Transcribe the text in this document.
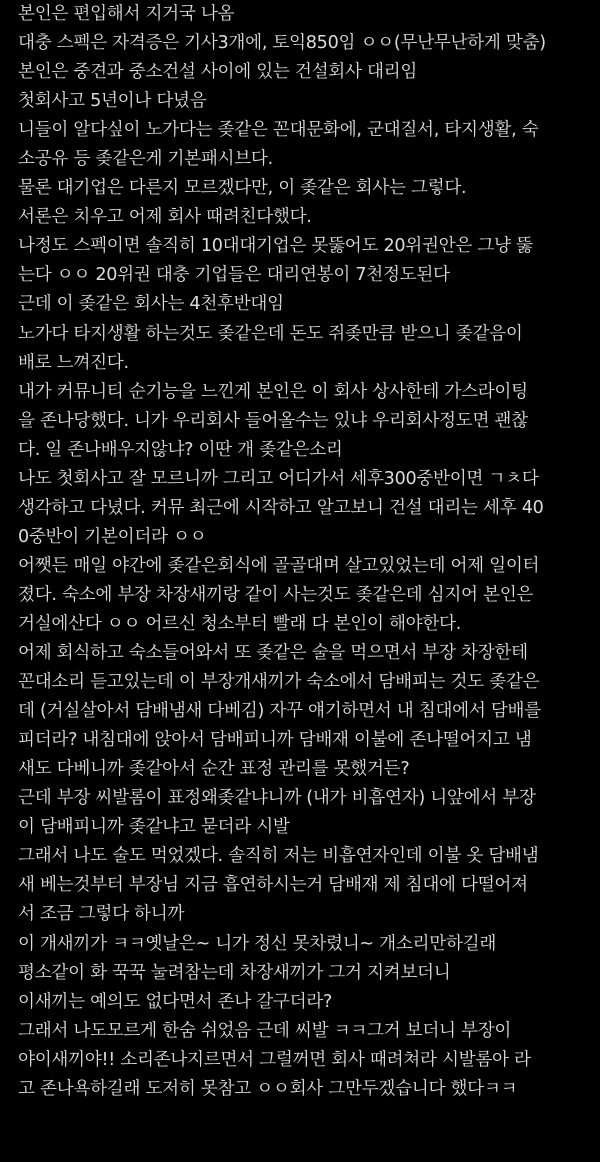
본인은 편입해서 지거국 나옴
대충 스펙은 자격증은 기사3개에, 토익850임 ㅇㅇ(무난무난하게 맞춤)
본인은 중견과 중소건설 사이에 있는 건설회사 대리임
첫회사고 5년이나 다녔음
니들이 알다싶이 노가다는 좆같은 꼰대문화에, 군대질서, 타지생활, 숙
소공유 등 좆같은게 기본패시브다.
물론 대기업은 다른지 모르겠다만, 이 좆같은 회사는 그렇다.
서론은 치우고 어제 회사 때려친다했다.
나정도 스펙이면 솔직히 10대대기업은 못뚫어도 20위권안은 그냥 뚫
는다 ㅇㅇ 20위권 대충 기업들은 대리연봉이 7천정도된다
근데 이 좆같은 회사는 4천후반대임
노가다 타지생활 하는것도 좆같은데 돈도 쥐좆만큼 받으니 좆같음이
배로 느껴진다.
내가 커뮤니티 순기능을 느낀게 본인은 이 회사 상사한테 가스라이팅
을 존나당했다. 니가 우리회사 들어올수는 있냐 우리회사정도면 괜찮
다. 일 존나배우지않냐? 이딴 개 좆같은소리
나도 첫회사고 잘 모르니까 그리고 어디가서 세후300중반이면 ㄱㅊ다
생각하고 다녔다. 커뮤 최근에 시작하고 알고보니 건설 대리는 세후 40
0중반이 기본이더라 ㅇㅇ
어쨋든 매일 야간에 좆같은회식에 골골대며 살고있었는데 어제 일이터
졌다. 숙소에 부장 차장새끼랑 같이 사는것도 좆같은데 심지어 본인은
거실에산다 ㅇㅇ 어르신 청소부터 빨래 다 본인이 해야한다.
어제 회식하고 숙소들어와서 또 좆같은 술을 먹으면서 부장 차장한테
꼰대소리 듣고있는데 이 부장개새끼가 숙소에서 담배피는 것도 좆같은
데 (거실살아서 담배냄새 다베김) 자꾸 얘기하면서 내 침대에서 담배를
피더라? 내침대에 앉아서 담배피니까 담배재 이불에 존나떨어지고 냄
새도 다베니까 좆같아서 순간 표정 관리를 못했거든?
근데 부장 씨발롬이 표정왜좆같냐니까 (내가 비흡연자) 니앞에서 부장
이 담배피니까 좆같냐고 묻더라 시발
그래서 나도 술도 먹었겠다. 솔직히 저는 비흡연자인데 이불 옷 담배냄
새 베는것부터 부장님 지금 흡연하시는거 담배재 제 침대에 다떨어져
서 조금 그렇다 하니까
이 개새끼가 ㅋㅋ옛날은~ 니가 정신 못차렸니~ 개소리만하길래
평소같이 화 꾹꾹 눌려참는데 차장새끼가 그거 지켜보더니
이새끼는 예의도 없다면서 존나 갈구더라?
그래서 나도모르게 한숨 쉬었음 근데 씨발 ㅋㅋ그거 보더니 부장이
야이새끼야!! 소리존나지르면서 그럴꺼면 회사 때려쳐라 시발롬아 라
고 존나욕하길래 도저히 못참고 ㅇㅇ회사 그만두겠습니다 했다ㅋㅋ
